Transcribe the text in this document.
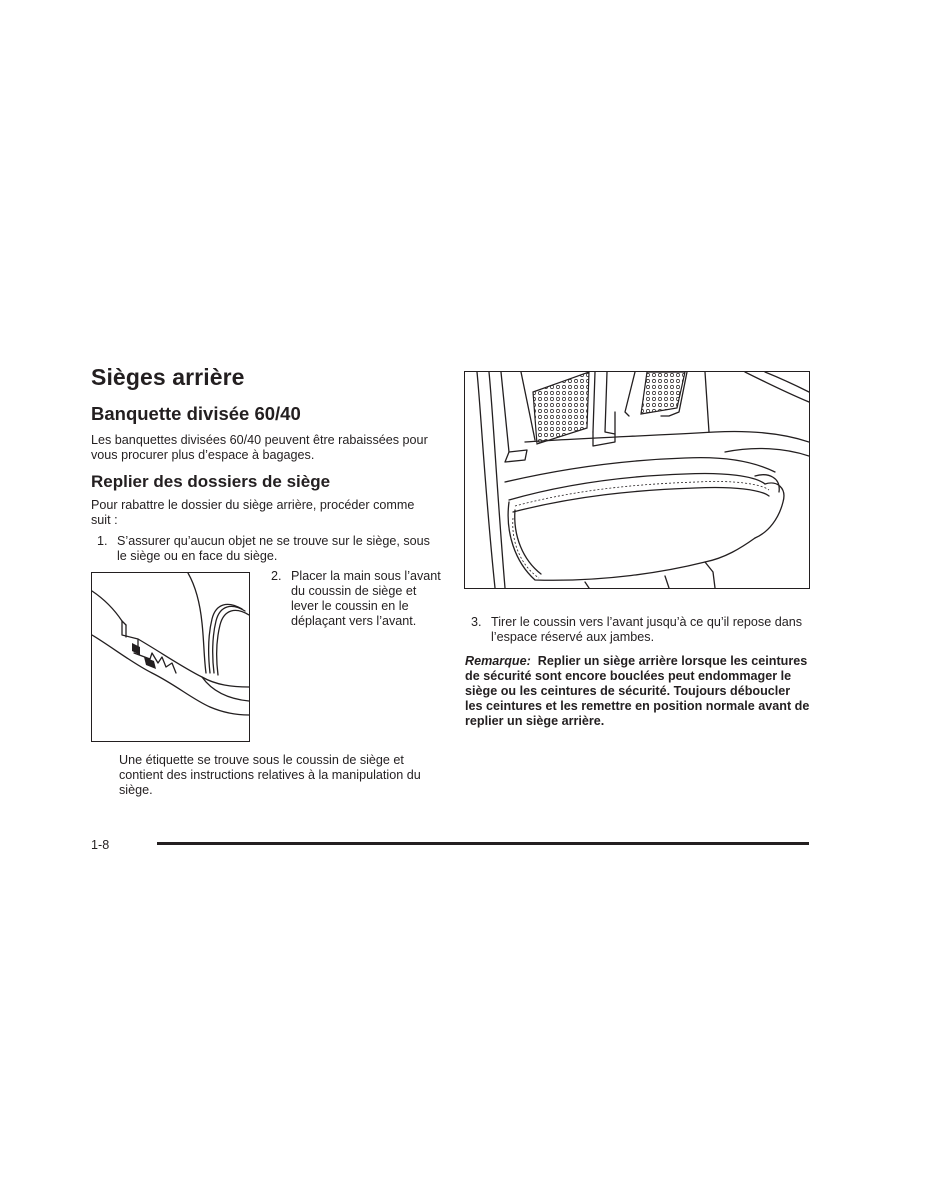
Sièges arrière
Banquette divisée 60/40

Les banquettes divisées 60/40 peuvent être rabaissées pour vous procurer plus d’espace à bagages.

Replier des dossiers de siège

Pour rabattre le dossier du siège arrière, procéder comme suit :

1. S’assurer qu’aucun objet ne se trouve sur le siège, sous le siège ou en face du siège.

2. Placer la main sous l’avant du coussin de siège et lever le coussin en le déplaçant vers l’avant.

Une étiquette se trouve sous le coussin de siège et contient des instructions relatives à la manipulation du siège.

3. Tirer le coussin vers l’avant jusqu’à ce qu’il repose dans l’espace réservé aux jambes.

Remarque: Replier un siège arrière lorsque les ceintures de sécurité sont encore bouclées peut endommager le siège ou les ceintures de sécurité. Toujours déboucler les ceintures et les remettre en position normale avant de replier un siège arrière.

1-8
